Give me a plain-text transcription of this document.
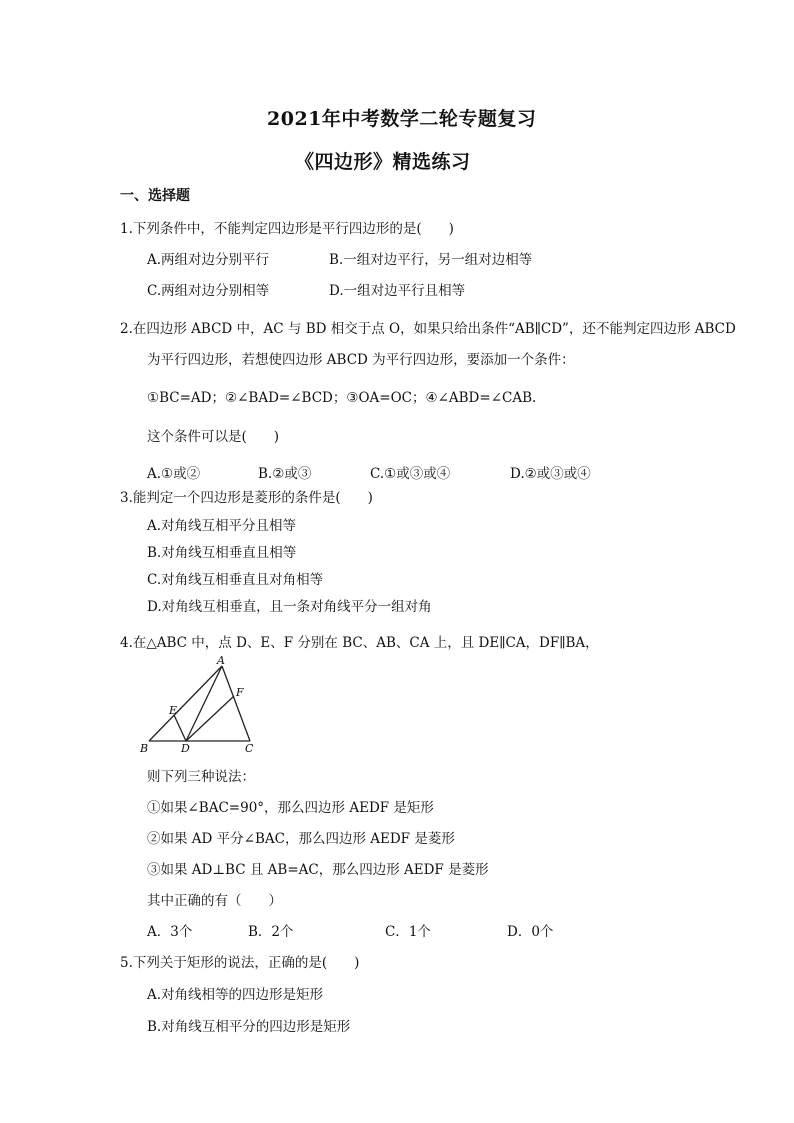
2021年中考数学二轮专题复习
《四边形》精选练习
一、选择题
1.下列条件中，不能判定四边形是平行四边形的是(　　)
A.两组对边分别平行	B.一组对边平行，另一组对边相等
C.两组对边分别相等	D.一组对边平行且相等
2.在四边形 ABCD 中，AC 与 BD 相交于点 O，如果只给出条件“AB∥CD”，还不能判定四边形 ABCD
为平行四边形，若想使四边形 ABCD 为平行四边形，要添加一个条件：
①BC=AD；②∠BAD=∠BCD；③OA=OC；④∠ABD=∠CAB.
这个条件可以是(　　)
A.①或②	B.②或③	C.①或③或④	D.②或③或④
3.能判定一个四边形是菱形的条件是(　　)
A.对角线互相平分且相等
B.对角线互相垂直且相等
C.对角线互相垂直且对角相等
D.对角线互相垂直，且一条对角线平分一组对角
4.在△ABC 中，点 D、E、F 分别在 BC、AB、CA 上，且 DE∥CA，DF∥BA，
A
B	C
D
E
F
则下列三种说法：
①如果∠BAC=90°，那么四边形 AEDF 是矩形
②如果 AD 平分∠BAC，那么四边形 AEDF 是菱形
③如果 AD⊥BC 且 AB=AC，那么四边形 AEDF 是菱形
其中正确的有（　　）
A．3个	B．2个	C．1个	D．0个
5.下列关于矩形的说法，正确的是(　　)
A.对角线相等的四边形是矩形
B.对角线互相平分的四边形是矩形
